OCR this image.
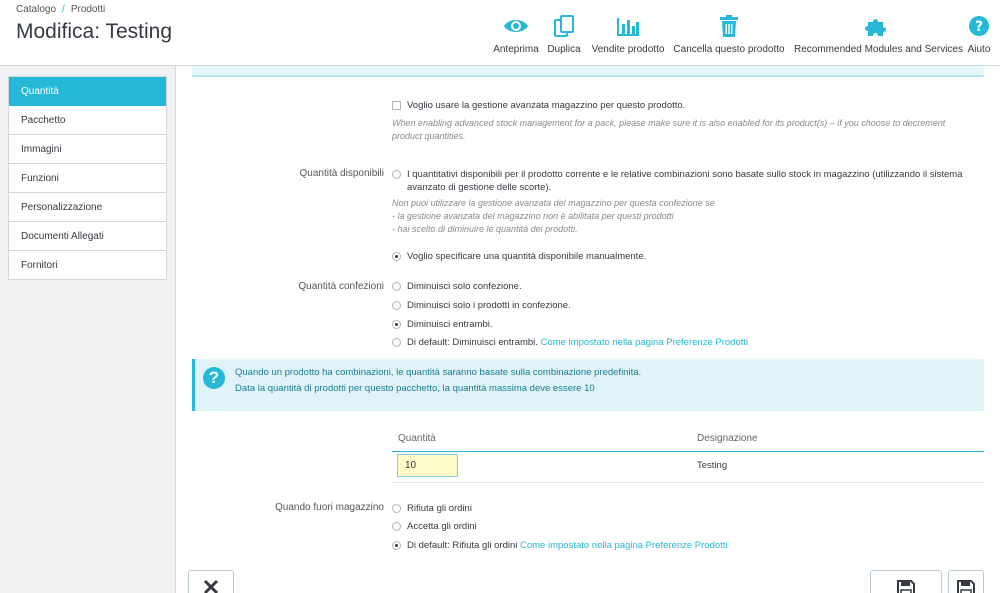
Catalogo / Prodotti
Modifica: Testing
Anteprima Duplica	Vendite prodotto Cancella questo prodotto Recommended Modules and Services
?
Aiuto
Quantità
Pacchetto
Immagini
Funzioni
Personalizzazione
Documenti Allegati
Fornitori
Voglio usare la gestione avanzata magazzino per questo prodotto.
When enabling advanced stock management for a pack, please make sure it is also enabled for its product(s) – if you choose to decrement
product quantities.
Quantità disponibili I quantitativi disponibili per il prodotto corrente e le relative combinazioni sono basate sullo stock in magazzino (utilizzando il sistema
avanzato di gestione delle scorte).
Non puoi utilizzare la gestione avanzata del magazzino per questa confezione se
- la gestione avanzata del magazzino non è abilitata per questi prodotti
- hai scelto di diminuire le quantità dei prodotti.
Voglio specificare una quantità disponibile manualmente.
Quantità confezioni Diminuisci solo confezione.
Diminuisci solo i prodotti in confezione.
Diminuisci entrambi.
Di default: Diminuisci entrambi. Come impostato nella pagina Preferenze Prodotti
?	Quando un prodotto ha combinazioni, le quantità saranno basate sulla combinazione predefinita.
Data la quantità di prodotti per questo pacchetto, la quantità massima deve essere 10
Quantità	Designazione
10	Testing
Quando fuori magazzino Rifiuta gli ordini
Accetta gli ordini
Di default: Rifiuta gli ordini Come impostato nella pagina Preferenze Prodotti
